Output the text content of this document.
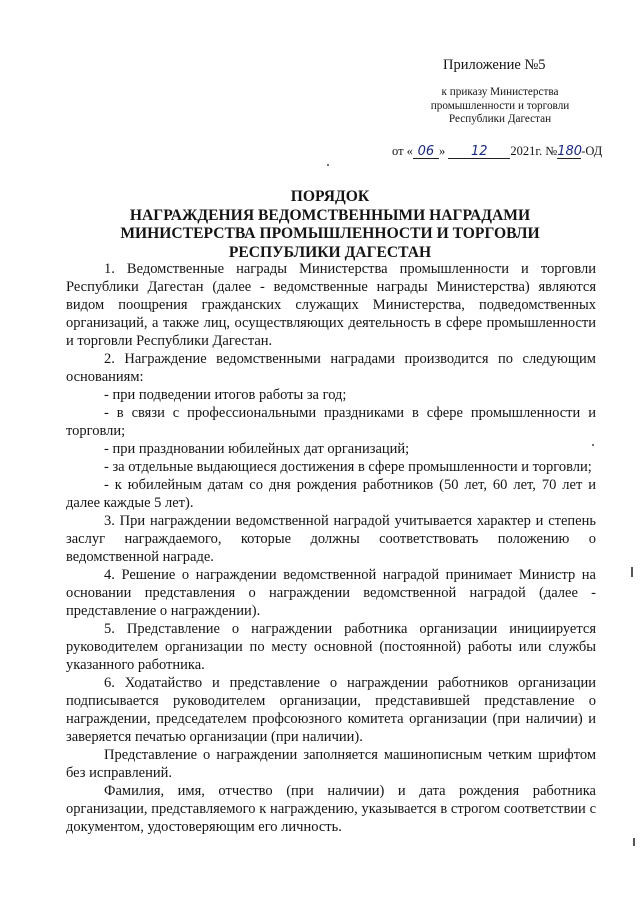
Приложение №5
к приказу Министерства
промышленности и торговли
Республики Дагестан
от « 06 » 12 2021г. №180-ОД
ПОРЯДОК
НАГРАЖДЕНИЯ ВЕДОМСТВЕННЫМИ НАГРАДАМИ
МИНИСТЕРСТВА ПРОМЫШЛЕННОСТИ И ТОРГОВЛИ
РЕСПУБЛИКИ ДАГЕСТАН

1. Ведомственные награды Министерства промышленности и торговли Республики Дагестан (далее - ведомственные награды Министерства) являются видом поощрения гражданских служащих Министерства, подведомственных организаций, а также лиц, осуществляющих деятельность в сфере промышленности и торговли Республики Дагестан.

2. Награждение ведомственными наградами производится по следующим основаниям:

- при подведении итогов работы за год;

- в связи с профессиональными праздниками в сфере промышленности и торговли;

- при праздновании юбилейных дат организаций;

- за отдельные выдающиеся достижения в сфере промышленности и торговли;

- к юбилейным датам со дня рождения работников (50 лет, 60 лет, 70 лет и далее каждые 5 лет).

3. При награждении ведомственной наградой учитывается характер и степень заслуг награждаемого, которые должны соответствовать положению о ведомственной награде.

4. Решение о награждении ведомственной наградой принимает Министр на основании представления о награждении ведомственной наградой (далее - представление о награждении).

5. Представление о награждении работника организации инициируется руководителем организации по месту основной (постоянной) работы или службы указанного работника.

6. Ходатайство и представление о награждении работников организации подписывается руководителем организации, представившей представление о награждении, председателем профсоюзного комитета организации (при наличии) и заверяется печатью организации (при наличии).

Представление о награждении заполняется машинописным четким шрифтом без исправлений.

Фамилия, имя, отчество (при наличии) и дата рождения работника организации, представляемого к награждению, указывается в строгом соответствии с документом, удостоверяющим его личность.
